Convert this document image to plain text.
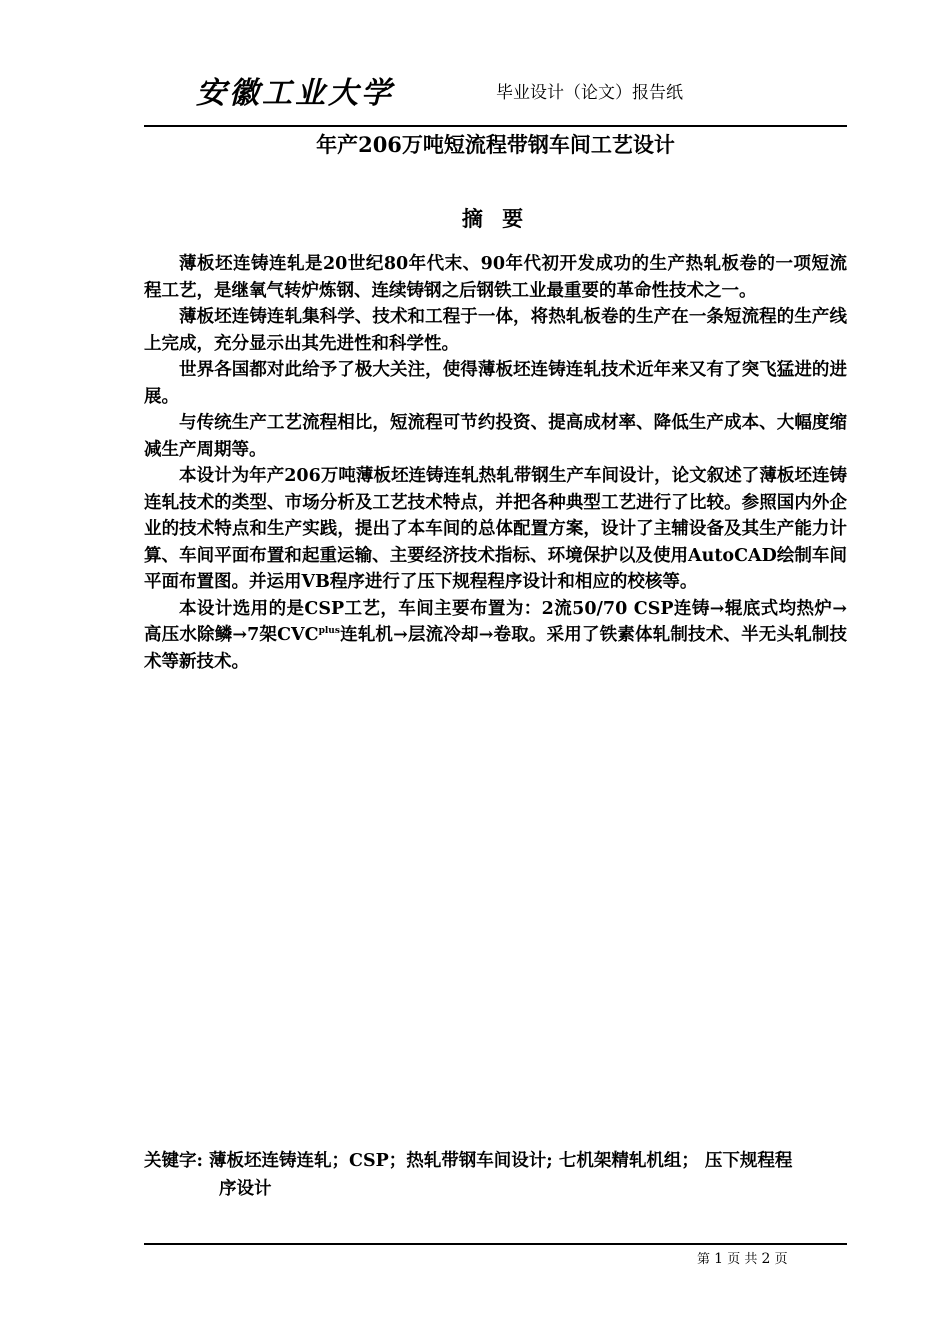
安徽工业大学	毕业设计（论文）报告纸
年产206万吨短流程带钢车间工艺设计
摘 要

薄板坯连铸连轧是20世纪80年代末、90年代初开发成功的生产热轧板卷的一项短流程工艺，是继氧气转炉炼钢、连续铸钢之后钢铁工业最重要的革命性技术之一。

薄板坯连铸连轧集科学、技术和工程于一体，将热轧板卷的生产在一条短流程的生产线上完成，充分显示出其先进性和科学性。

世界各国都对此给予了极大关注，使得薄板坯连铸连轧技术近年来又有了突飞猛进的进展。

与传统生产工艺流程相比，短流程可节约投资、提高成材率、降低生产成本、大幅度缩减生产周期等。

本设计为年产206万吨薄板坯连铸连轧热轧带钢生产车间设计，论文叙述了薄板坯连铸连轧技术的类型、市场分析及工艺技术特点，并把各种典型工艺进行了比较。参照国内外企业的技术特点和生产实践，提出了本车间的总体配置方案，设计了主辅设备及其生产能力计算、车间平面布置和起重运输、主要经济技术指标、环境保护以及使用AutoCAD绘制车间平面布置图。并运用VB程序进行了压下规程程序设计和相应的校核等。

本设计选用的是CSP工艺，车间主要布置为：2流50/70 CSP连铸→辊底式均热炉→高压水除鳞→7架$CVC^{plus}$连轧机→层流冷却→卷取。采用了铁素体轧制技术、半无头轧制技术等新技术。

关键字: 薄板坯连铸连轧；CSP；热轧带钢车间设计; 七机架精轧机组； 压下规程程
序设计
第 1 页 共 2 页
